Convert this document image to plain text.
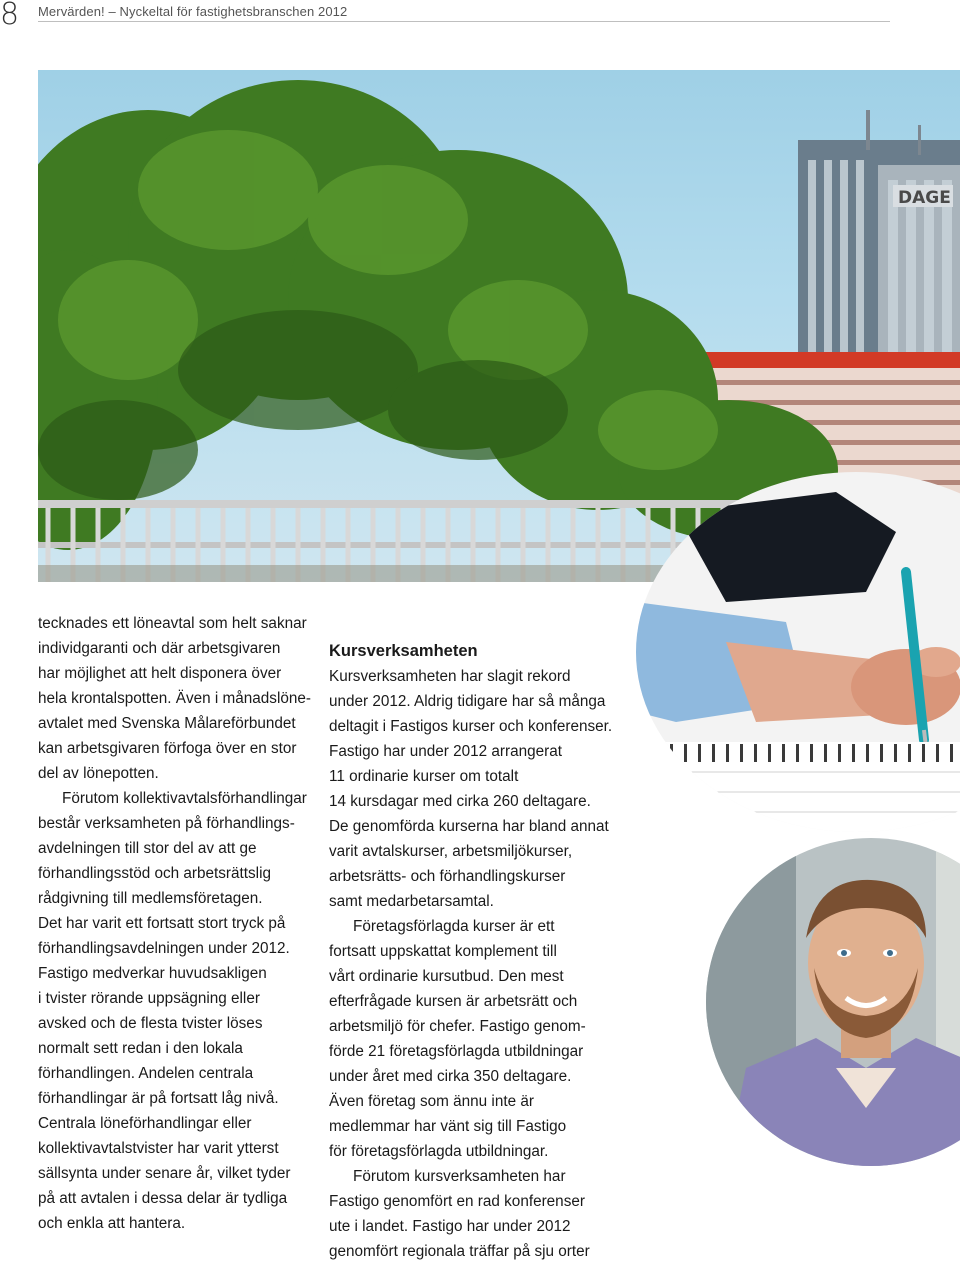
8	Mervärden! – Nyckeltal för fastighetsbranschen 2012
DAGE

tecknades ett löneavtal som helt saknar
individgaranti och där arbetsgivaren
har möjlighet att helt disponera över
hela krontalspotten. Även i månadslöne-
avtalet med Svenska Målareförbundet
kan arbetsgivaren förfoga över en stor
del av lönepotten.

Förutom kollektivavtalsförhandlingar
består verksamheten på förhandlings-
avdelningen till stor del av att ge
förhandlingsstöd och arbetsrättslig
rådgivning till medlemsföretagen.
Det har varit ett fortsatt stort tryck på
förhandlingsavdelningen under 2012.
Fastigo medverkar huvudsakligen
i tvister rörande uppsägning eller
avsked och de flesta tvister löses
normalt sett redan i den lokala
förhandlingen. Andelen centrala
förhandlingar är på fortsatt låg nivå.
Centrala löneförhandlingar eller
kollektivavtalstvister har varit ytterst
sällsynta under senare år, vilket tyder
på att avtalen i dessa delar är tydliga
och enkla att hantera.

Kursverksamheten

Kursverksamheten har slagit rekord
under 2012. Aldrig tidigare har så många
deltagit i Fastigos kurser och konferenser.
Fastigo har under 2012 arrangerat
11 ordinarie kurser om totalt
14 kursdagar med cirka 260 deltagare.
De genomförda kurserna har bland annat
varit avtalskurser, arbetsmiljökurser,
arbetsrätts- och förhandlingskurser
samt medarbetarsamtal.

Företagsförlagda kurser är ett
fortsatt uppskattat komplement till
vårt ordinarie kursutbud. Den mest
efterfrågade kursen är arbetsrätt och
arbetsmiljö för chefer. Fastigo genom-
förde 21 företagsförlagda utbildningar
under året med cirka 350 deltagare.
Även företag som ännu inte är
medlemmar har vänt sig till Fastigo
för företagsförlagda utbildningar.

Förutom kursverksamheten har
Fastigo genomfört en rad konferenser
ute i landet. Fastigo har under 2012
genomfört regionala träffar på sju orter
